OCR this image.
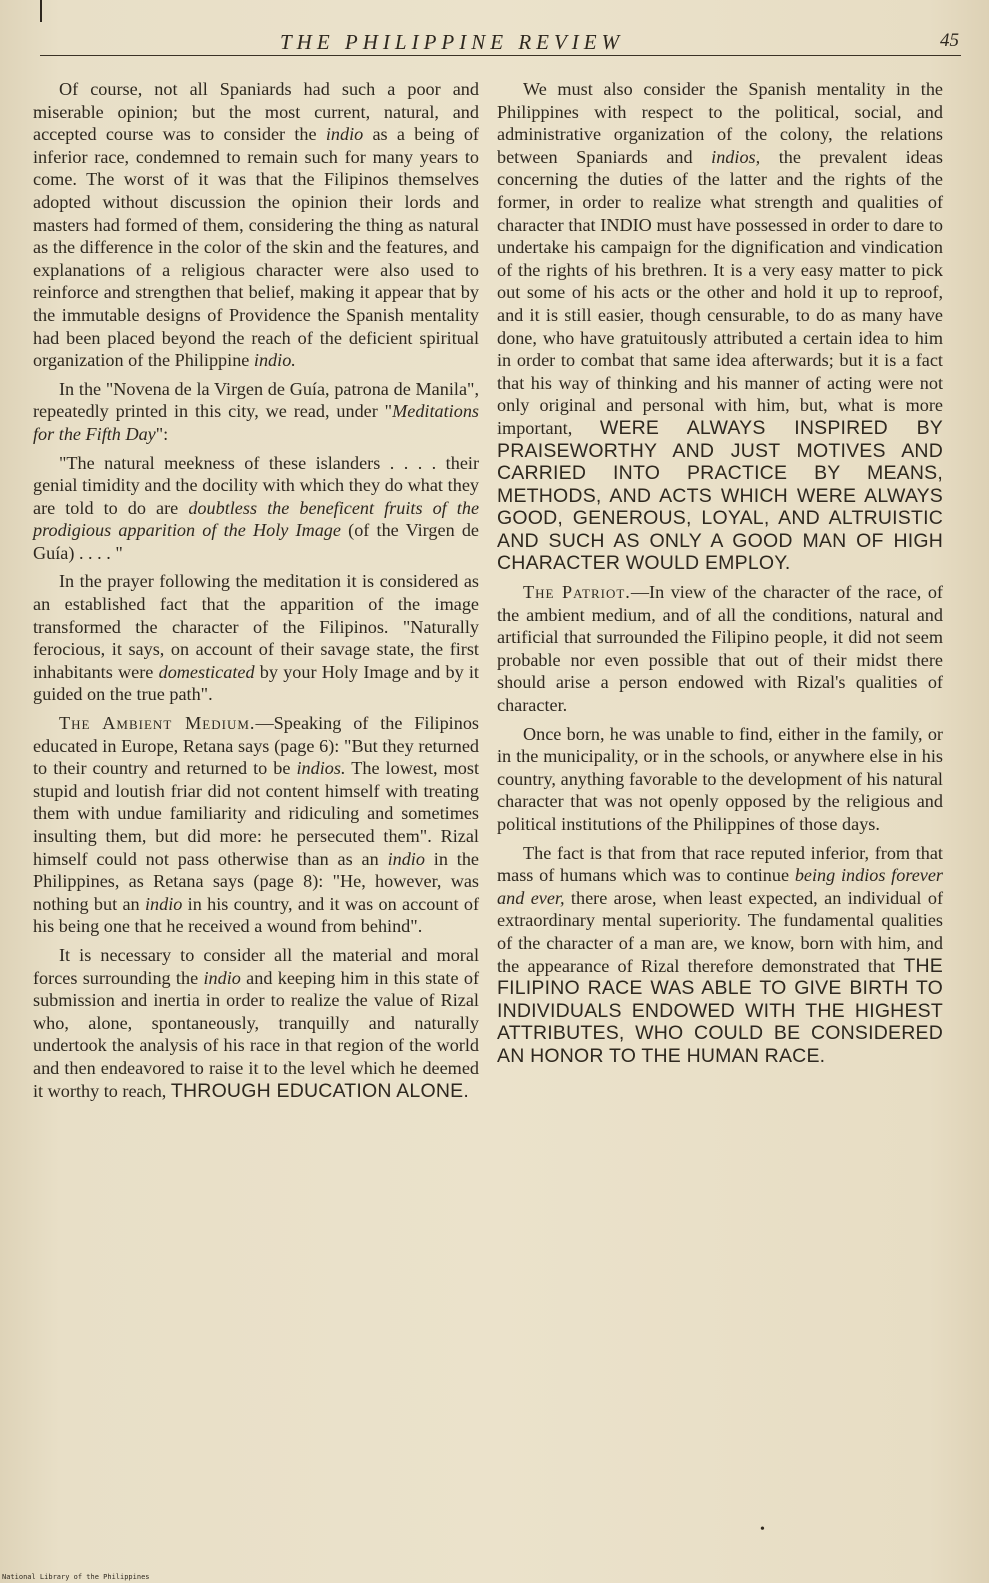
THE PHILIPPINE REVIEW	45

Of course, not all Spaniards had such a poor and miserable opinion; but the most current, natural, and accepted course was to consider the indio as a being of inferior race, condemned to remain such for many years to come. The worst of it was that the Filipinos themselves adopted without discussion the opinion their lords and masters had formed of them, considering the thing as natural as the difference in the color of the skin and the features, and explanations of a religious character were also used to reinforce and strengthen that belief, making it appear that by the immutable designs of Providence the Spanish mentality had been placed beyond the reach of the deficient spiritual organization of the Philippine indio.

In the "Novena de la Virgen de Guía, patrona de Manila", repeatedly printed in this city, we read, under "Meditations for the Fifth Day":

"The natural meekness of these islanders . . . . their genial timidity and the docility with which they do what they are told to do are doubtless the beneficent fruits of the prodigious apparition of the Holy Image (of the Virgen de Guía) . . . . "

In the prayer following the meditation it is considered as an established fact that the apparition of the image transformed the character of the Filipinos. "Naturally ferocious, it says, on account of their savage state, the first inhabitants were domesticated by your Holy Image and by it guided on the true path".

The Ambient Medium.—Speaking of the Filipinos educated in Europe, Retana says (page 6): "But they returned to their country and returned to be indios. The lowest, most stupid and loutish friar did not content himself with treating them with undue familiarity and ridiculing and sometimes insulting them, but did more: he persecuted them". Rizal himself could not pass otherwise than as an indio in the Philippines, as Retana says (page 8): "He, however, was nothing but an indio in his country, and it was on account of his being one that he received a wound from behind".

It is necessary to consider all the material and moral forces surrounding the indio and keeping him in this state of submission and inertia in order to realize the value of Rizal who, alone, spontaneously, tranquilly and naturally undertook the analysis of his race in that region of the world and then endeavored to raise it to the level which he deemed it worthy to reach, THROUGH EDUCATION ALONE.

We must also consider the Spanish mentality in the Philippines with respect to the political, social, and administrative organization of the colony, the relations between Spaniards and indios, the prevalent ideas concerning the duties of the latter and the rights of the former, in order to realize what strength and qualities of character that INDIO must have possessed in order to dare to undertake his campaign for the dignification and vindication of the rights of his brethren. It is a very easy matter to pick out some of his acts or the other and hold it up to reproof, and it is still easier, though censurable, to do as many have done, who have gratuitously attributed a certain idea to him in order to combat that same idea afterwards; but it is a fact that his way of thinking and his manner of acting were not only original and personal with him, but, what is more important, WERE ALWAYS INSPIRED BY PRAISEWORTHY AND JUST MOTIVES AND CARRIED INTO PRACTICE BY MEANS, METHODS, AND ACTS WHICH WERE ALWAYS GOOD, GENEROUS, LOYAL, AND ALTRUISTIC AND SUCH AS ONLY A GOOD MAN OF HIGH CHARACTER WOULD EMPLOY.

The Patriot.—In view of the character of the race, of the ambient medium, and of all the conditions, natural and artificial that surrounded the Filipino people, it did not seem probable nor even possible that out of their midst there should arise a person endowed with Rizal's qualities of character.

Once born, he was unable to find, either in the family, or in the municipality, or in the schools, or anywhere else in his country, anything favorable to the development of his natural character that was not openly opposed by the religious and political institutions of the Philippines of those days.

The fact is that from that race reputed inferior, from that mass of humans which was to continue being indios forever and ever, there arose, when least expected, an individual of extraordinary mental superiority. The fundamental qualities of the character of a man are, we know, born with him, and the appearance of Rizal therefore demonstrated that THE FILIPINO RACE WAS ABLE TO GIVE BIRTH TO INDIVIDUALS ENDOWED WITH THE HIGHEST ATTRIBUTES, WHO COULD BE CONSIDERED AN HONOR TO THE HUMAN RACE.

•
National Library of the Philippines
